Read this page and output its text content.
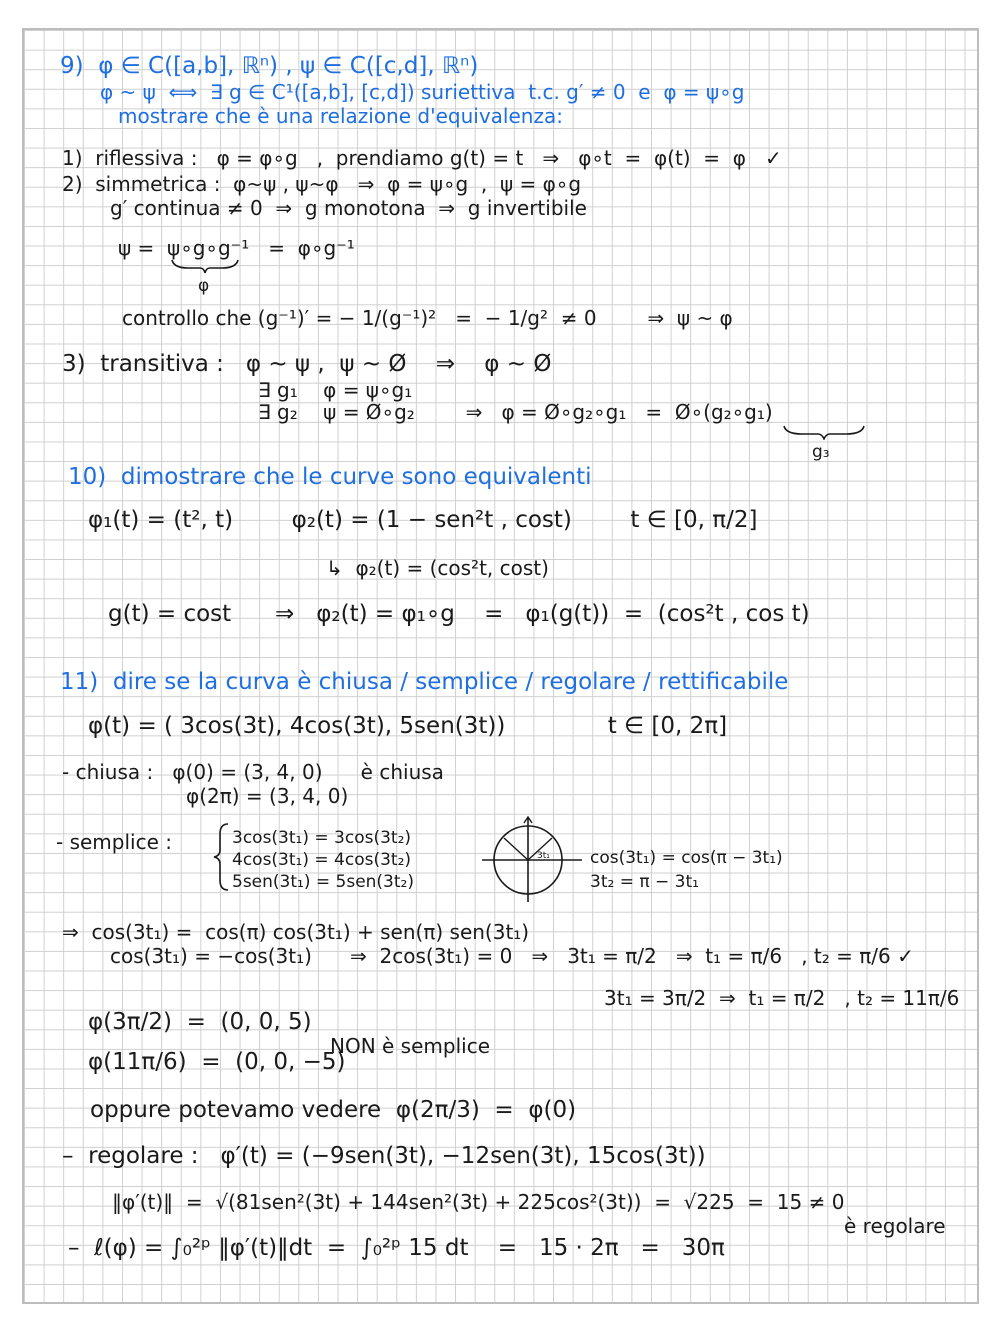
9)  φ ∈ C([a,b], ℝⁿ) , ψ ∈ C([c,d], ℝⁿ)
φ ~ ψ  ⟺  ∃ g ∈ C¹([a,b], [c,d]) suriettiva  t.c. g′ ≠ 0  e  φ = ψ∘g
mostrare che è una relazione d'equivalenza:
1)  riflessiva :   φ = φ∘g   ,  prendiamo g(t) = t   ⇒   φ∘t  =  φ(t)  =  φ   ✓
2)  simmetrica :  φ~ψ , ψ~φ   ⇒  φ = ψ∘g  ,  ψ = φ∘g
g′ continua ≠ 0  ⇒  g monotona  ⇒  g invertibile
ψ =  ψ∘g∘g⁻¹   =  φ∘g⁻¹
φ
controllo che (g⁻¹)′ = − 1/(g⁻¹)²   =  − 1/g²  ≠ 0        ⇒  ψ ~ φ
3)  transitiva :   φ ~ ψ ,  ψ ~ Ø    ⇒    φ ~ Ø
∃ g₁    φ = ψ∘g₁
∃ g₂    ψ = Ø∘g₂        ⇒   φ = Ø∘g₂∘g₁   =  Ø∘(g₂∘g₁)
g₃
10)  dimostrare che le curve sono equivalenti
φ₁(t) = (t², t)        φ₂(t) = (1 − sen²t , cost)        t ∈ [0, π/2]
↳  φ₂(t) = (cos²t, cost)
g(t) = cost      ⇒   φ₂(t) = φ₁∘g    =   φ₁(g(t))  =  (cos²t , cos t)
11)  dire se la curva è chiusa / semplice / regolare / rettificabile
φ(t) = ( 3cos(3t), 4cos(3t), 5sen(3t))              t ∈ [0, 2π]
- chiusa :   φ(0) = (3, 4, 0)      è chiusa
φ(2π) = (3, 4, 0)
- semplice :	3cos(3t₁) = 3cos(3t₂)
4cos(3t₁) = 4cos(3t₂)
5sen(3t₁) = 5sen(3t₂)
3t₁ cos(3t₁) = cos(π − 3t₁)
3t₂ = π − 3t₁
⇒  cos(3t₁) =  cos(π) cos(3t₁) + sen(π) sen(3t₁)
cos(3t₁) = −cos(3t₁)      ⇒  2cos(3t₁) = 0   ⇒   3t₁ = π/2   ⇒  t₁ = π/6   , t₂ = π/6 ✓
3t₁ = 3π/2  ⇒  t₁ = π/2   , t₂ = 11π/6
φ(3π/2)  =  (0, 0, 5)
NON è semplice
φ(11π/6)  =  (0, 0, −5)
oppure potevamo vedere  φ(2π/3)  =  φ(0)
–  regolare :   φ′(t) = (−9sen(3t), −12sen(3t), 15cos(3t))
‖φ′(t)‖  =  √(81sen²(3t) + 144sen²(3t) + 225cos²(3t))  =  √225  =  15 ≠ 0
è regolare
–  ℓ(φ) = ∫₀²ᵖ ‖φ′(t)‖dt  =  ∫₀²ᵖ 15 dt    =   15 · 2π   =   30π
